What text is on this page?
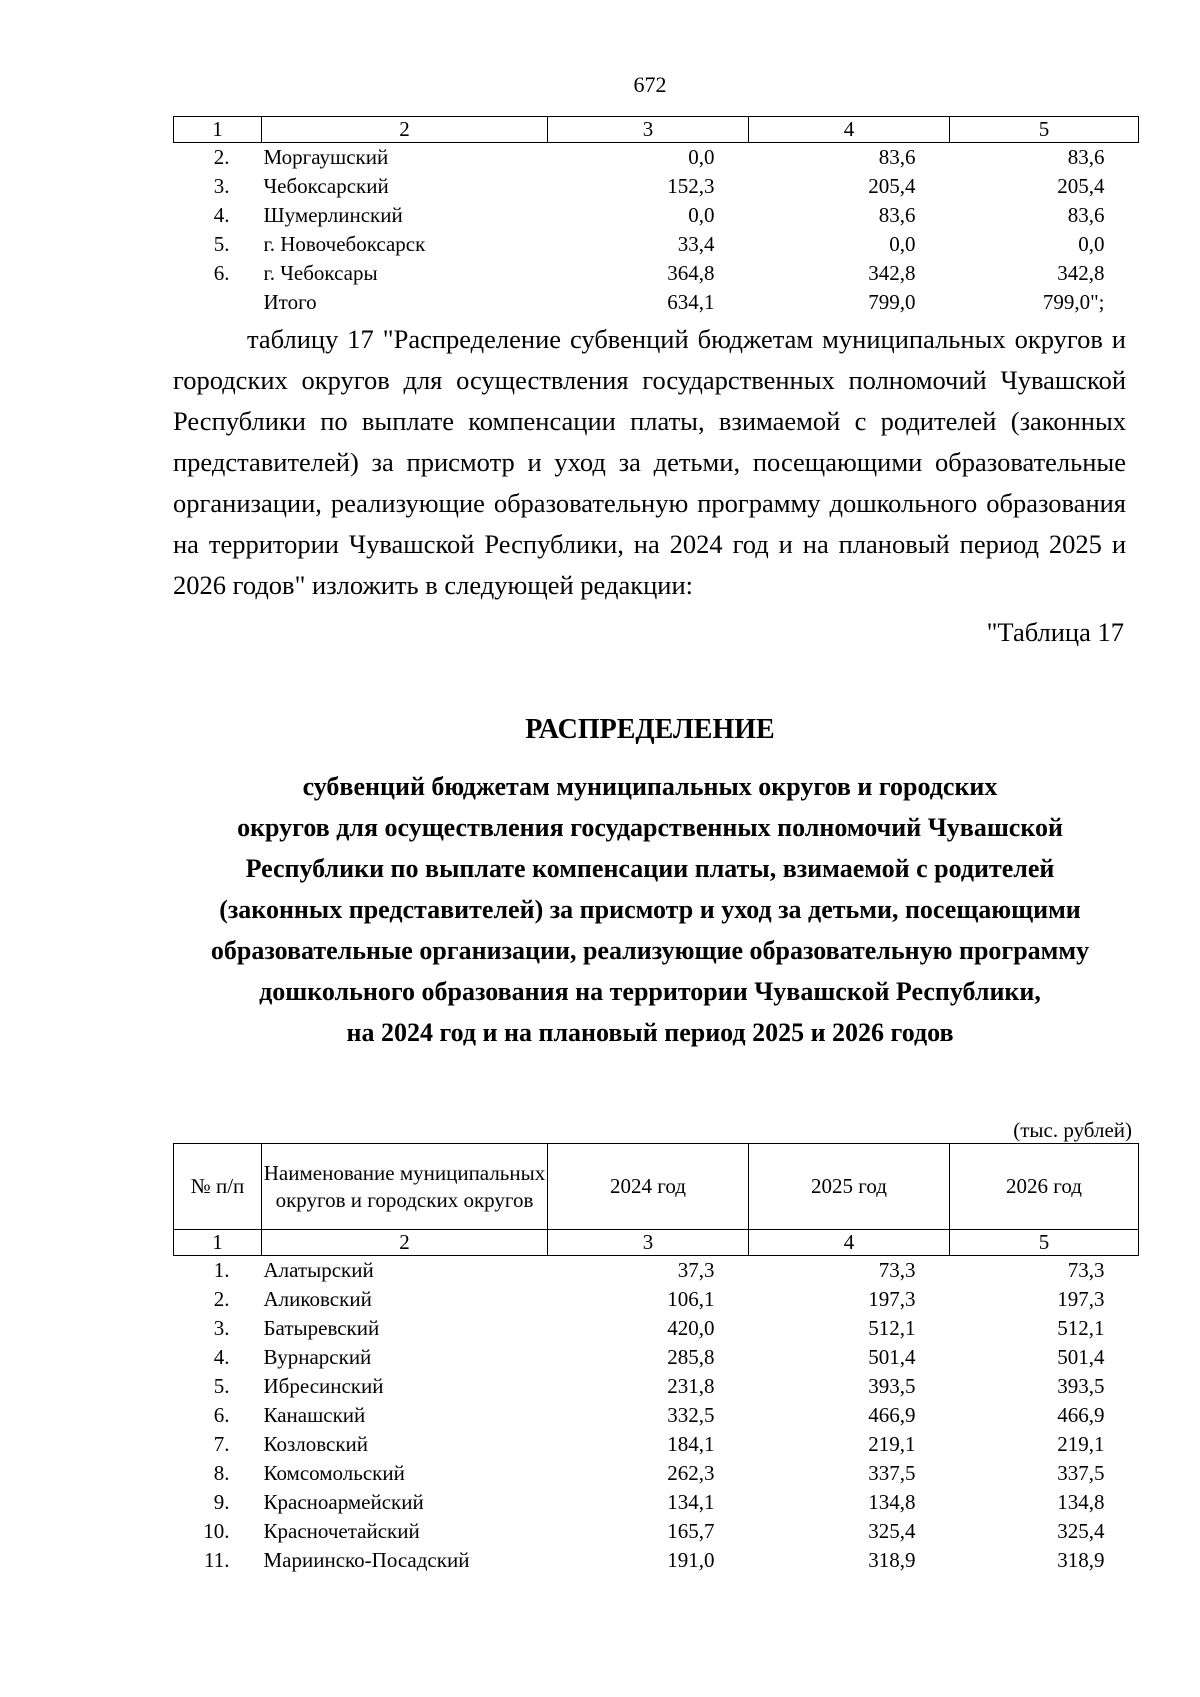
672
1	2	3	4	5
2.	Моргаушский	0,0	83,6	83,6
3.	Чебоксарский	152,3	205,4	205,4
4.	Шумерлинский	0,0	83,6	83,6
5.	г. Новочебоксарск	33,4	0,0	0,0
6.	г. Чебоксары	364,8	342,8	342,8
	Итого	634,1	799,0	799,0";

таблицу 17 "Распределение субвенций бюджетам муниципальных округов и городских округов для осуществления государственных полномочий Чувашской Республики по выплате компенсации платы, взимаемой с родителей (законных представителей) за присмотр и уход за детьми, посещающими образовательные организации, реализующие образовательную программу дошкольного образования на территории Чувашской Республики, на 2024 год и на плановый период 2025 и 2026 годов" изложить в следующей редакции:

"Таблица 17
РАСПРЕДЕЛЕНИЕ
субвенций бюджетам муниципальных округов и городских
округов для осуществления государственных полномочий Чувашской
Республики по выплате компенсации платы, взимаемой с родителей
(законных представителей) за присмотр и уход за детьми, посещающими
образовательные организации, реализующие образовательную программу
дошкольного образования на территории Чувашской Республики,
на 2024 год и на плановый период 2025 и 2026 годов
(тыс. рублей)
№ п/п	Наименование муниципальных округов и городских округов	2024 год	2025 год	2026 год
1	2	3	4	5
1.	Алатырский	37,3	73,3	73,3
2.	Аликовский	106,1	197,3	197,3
3.	Батыревский	420,0	512,1	512,1
4.	Вурнарский	285,8	501,4	501,4
5.	Ибресинский	231,8	393,5	393,5
6.	Канашский	332,5	466,9	466,9
7.	Козловский	184,1	219,1	219,1
8.	Комсомольский	262,3	337,5	337,5
9.	Красноармейский	134,1	134,8	134,8
10.	Красночетайский	165,7	325,4	325,4
11.	Мариинско-Посадский	191,0	318,9	318,9
